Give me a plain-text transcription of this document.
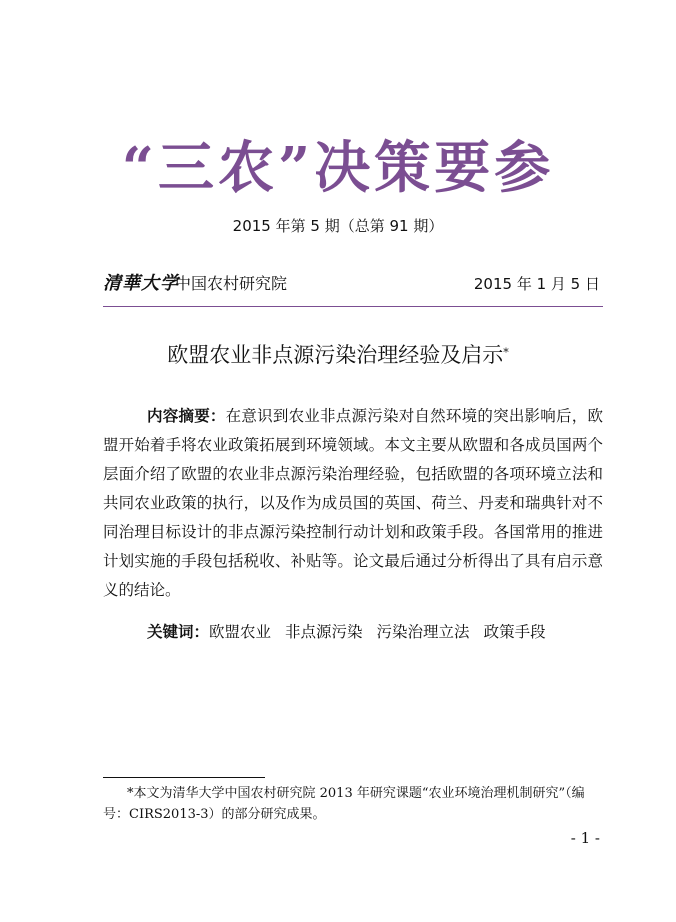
“三农”决策要参
2015 年第 5 期（总第 91 期）
清華大学
中国农村研究院	2015 年 1 月 5 日
欧盟农业非点源污染治理经验及启示*

内容摘要：在意识到农业非点源污染对自然环境的突出影响后，欧盟开始着手将农业政策拓展到环境领域。本文主要从欧盟和各成员国两个层面介绍了欧盟的农业非点源污染治理经验，包括欧盟的各项环境立法和共同农业政策的执行，以及作为成员国的英国、荷兰、丹麦和瑞典针对不同治理目标设计的非点源污染控制行动计划和政策手段。各国常用的推进计划实施的手段包括税收、补贴等。论文最后通过分析得出了具有启示意义的结论。

关键词：欧盟农业 非点源污染 污染治理立法 政策手段

*本文为清华大学中国农村研究院 2013 年研究课题“农业环境治理机制研究”（编号：CIRS2013-3）的部分研究成果。

- 1 -
